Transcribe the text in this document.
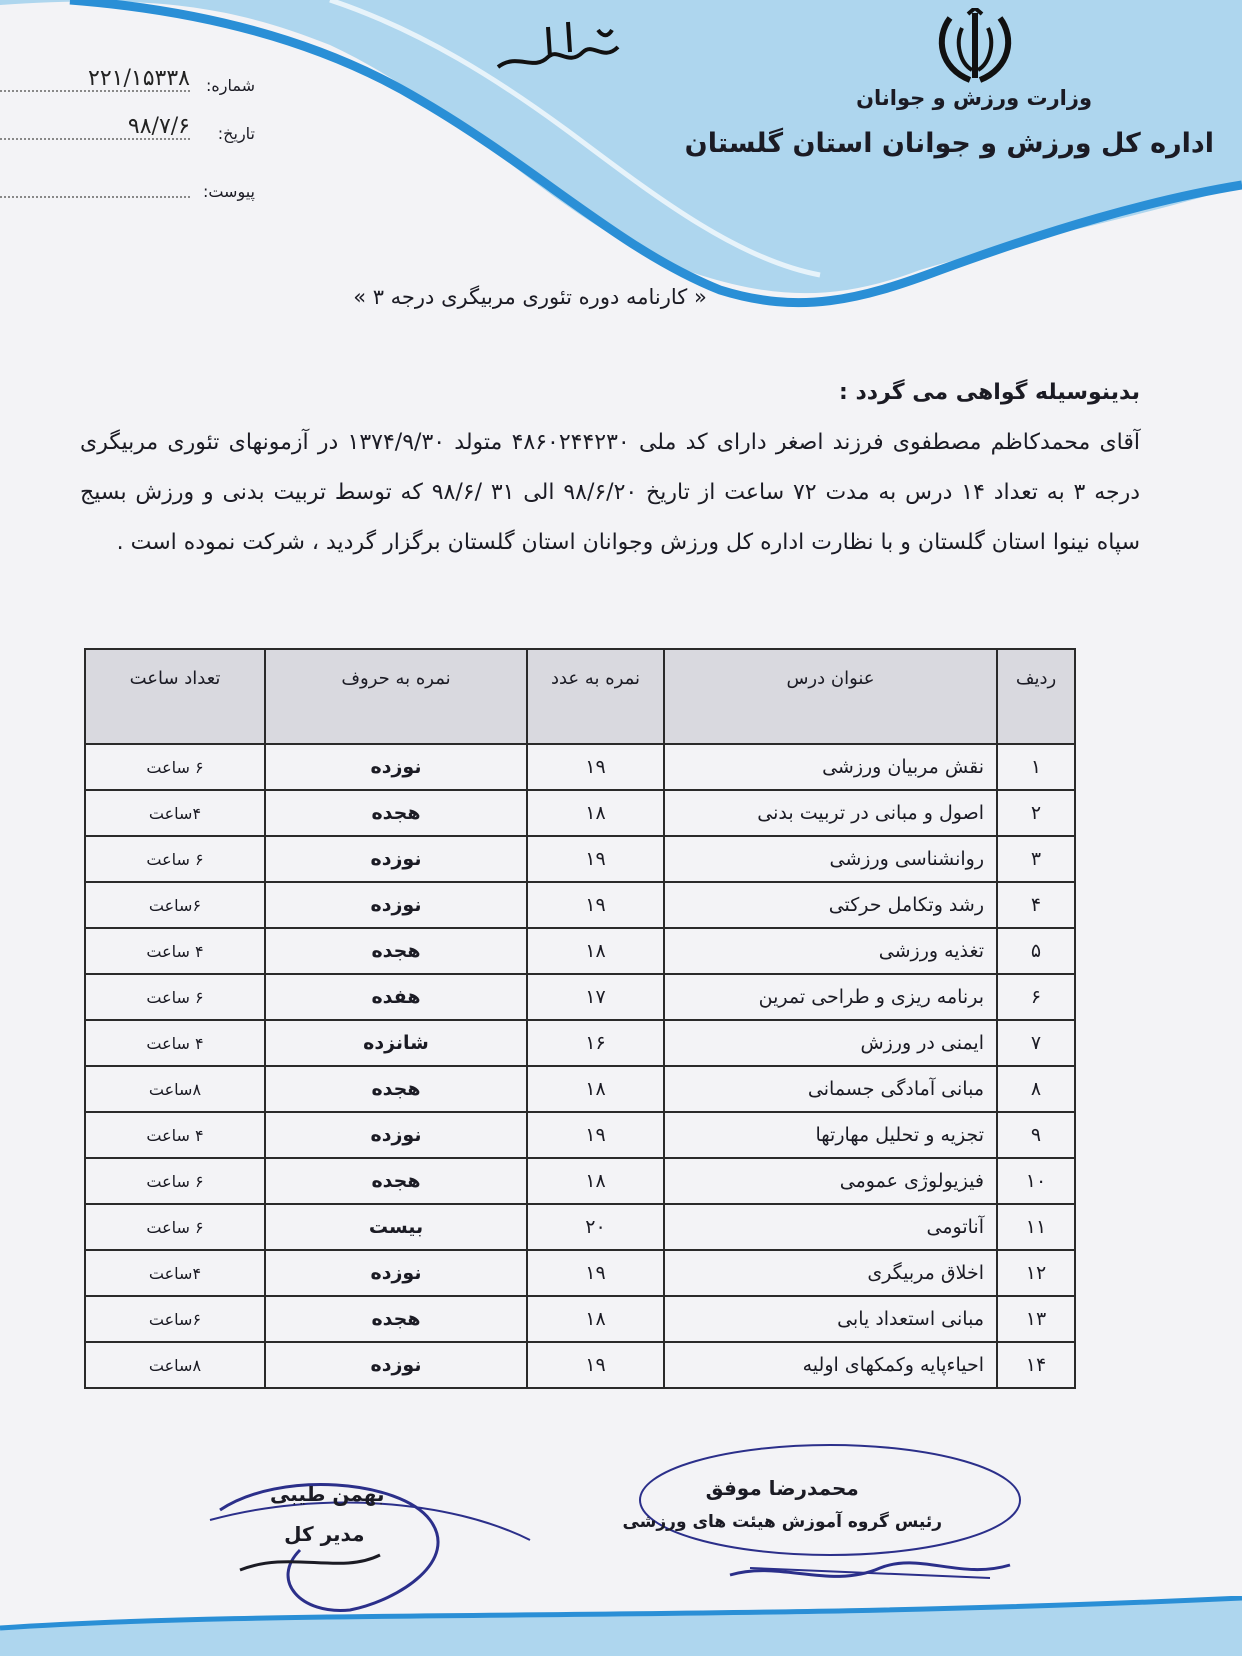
باسمه تعالی
وزارت ورزش و جوانان
اداره کل ورزش و جوانان استان گلستان
شماره:
۲۲۱/۱۵۳۳۸
تاریخ:
۹۸/۷/۶
پیوست:
« کارنامه دوره تئوری مربیگری درجه ۳ »

بدینوسیله گواهی می گردد :

آقای محمدکاظم مصطفوی فرزند اصغر دارای کد ملی ۴۸۶۰۲۴۴۲۳۰ متولد ۱۳۷۴/۹/۳۰ در آزمونهای تئوری مربیگری درجه ۳ به تعداد ۱۴ درس به مدت ۷۲ ساعت از تاریخ ۹۸/۶/۲۰ الی ۳۱ /۹۸/۶ که توسط تربیت بدنی و ورزش بسیج سپاه نینوا استان گلستان و با نظارت اداره کل ورزش وجوانان استان گلستان برگزار گردید ، شرکت نموده است .

ردیف	عنوان درس	نمره به عدد	نمره به حروف	تعداد ساعت
۱	نقش مربیان ورزشی	۱۹	نوزده	۶ ساعت
۲	اصول و مبانی در تربیت بدنی	۱۸	هجده	۴ساعت
۳	روانشناسی ورزشی	۱۹	نوزده	۶ ساعت
۴	رشد وتکامل حرکتی	۱۹	نوزده	۶ساعت
۵	تغذیه ورزشی	۱۸	هجده	۴ ساعت
۶	برنامه ریزی و طراحی تمرین	۱۷	هفده	۶ ساعت
۷	ایمنی در ورزش	۱۶	شانزده	۴ ساعت
۸	مبانی آمادگی جسمانی	۱۸	هجده	۸ساعت
۹	تجزیه و تحلیل مهارتها	۱۹	نوزده	۴ ساعت
۱۰	فیزیولوژی عمومی	۱۸	هجده	۶ ساعت
۱۱	آناتومی	۲۰	بیست	۶ ساعت
۱۲	اخلاق مربیگری	۱۹	نوزده	۴ساعت
۱۳	مبانی استعداد یابی	۱۸	هجده	۶ساعت
۱۴	احیاءپایه وکمکهای اولیه	۱۹	نوزده	۸ساعت
محمدرضا موفق
رئیس گروه آموزش هیئت های ورزشی
بهمن طیبی
مدیر کل
